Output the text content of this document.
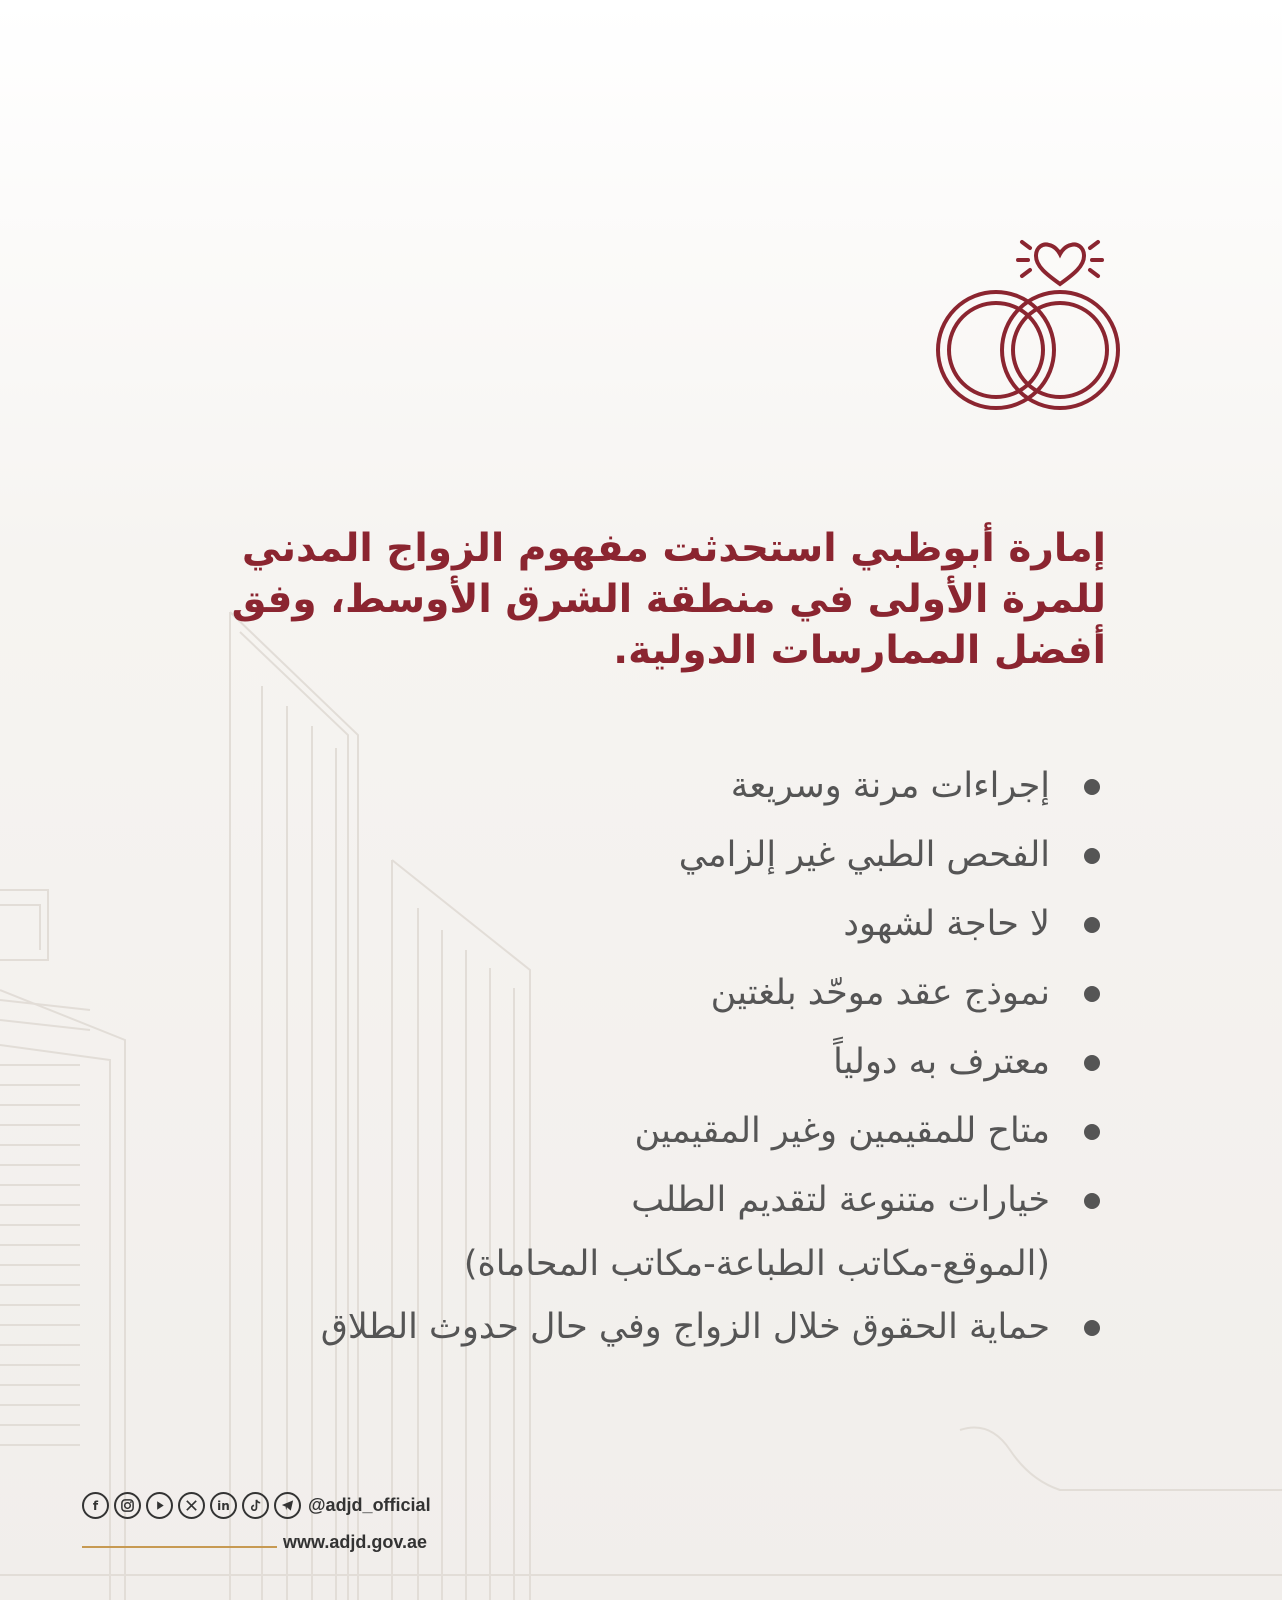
إمارة أبوظبي استحدثت مفهوم الزواج المدني للمرة الأولى في منطقة الشرق الأوسط، وفق أفضل الممارسات الدولية.
إجراءات مرنة وسريعة
الفحص الطبي غير إلزامي
لا حاجة لشهود
نموذج عقد موحّد بلغتين
معترف به دولياً
متاح للمقيمين وغير المقيمين
خيارات متنوعة لتقديم الطلب
(الموقع-مكاتب الطباعة-مكاتب المحاماة)
حماية الحقوق خلال الزواج وفي حال حدوث الطلاق
f	in	@adjd_official
www.adjd.gov.ae
